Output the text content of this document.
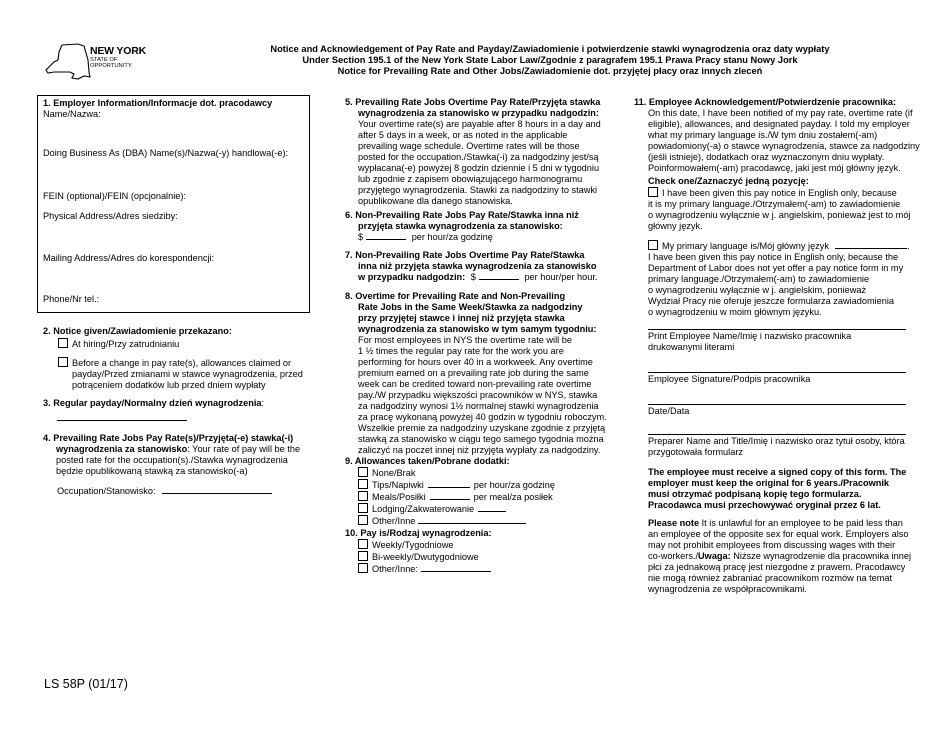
NEW YORK
STATE OF
OPPORTUNITY.
Notice and Acknowledgement of Pay Rate and Payday/Zawiadomienie i potwierdzenie stawki wynagrodzenia oraz daty wypłaty
Under Section 195.1 of the New York State Labor Law/Zgodnie z paragrafem 195.1 Prawa Pracy stanu Nowy Jork
Notice for Prevailing Rate and Other Jobs/Zawiadomienie dot. przyjętej płacy oraz innych zleceń
1. Employer Information/Informacje dot. pracodawcy
Name/Nazwa:
Doing Business As (DBA) Name(s)/Nazwa(-y) handlowa(-e):
FEIN (optional)/FEIN (opcjonalnie):
Physical Address/Adres siedziby:
Mailing Address/Adres do korespondencji:
Phone/Nr tel.:
2. Notice given/Zawiadomienie przekazano:
At hiring/Przy zatrudnianiu
Before a change in pay rate(s), allowances claimed or
payday/Przed zmianami w stawce wynagrodzenia, przed
potrąceniem dodatków lub przed dniem wypłaty
3. Regular payday/Normalny dzień wynagrodzenia:
4. Prevailing Rate Jobs Pay Rate(s)/Przyjęta(-e) stawka(-i)
wynagrodzenia za stanowisko: Your rate of pay will be the
posted rate for the occupation(s)./Stawka wynagrodzenia
będzie opublikowaną stawką za stanowisko(-a)
Occupation/Stanowisko:
5. Prevailing Rate Jobs Overtime Pay Rate/Przyjęta stawka
wynagrodzenia za stanowisko w przypadku nadgodzin:
Your overtime rate(s) are payable after 8 hours in a day and
after 5 days in a week, or as noted in the applicable
prevailing wage schedule. Overtime rates will be those
posted for the occupation./Stawka(-i) za nadgodziny jest/są
wypłacana(-e) powyżej 8 godzin dziennie i 5 dni w tygodniu
lub zgodnie z zapisem obowiązującego harmonogramu
przyjętego wynagrodzenia. Stawki za nadgodziny to stawki
opublikowane dla danego stanowiska.
6. Non-Prevailing Rate Jobs Pay Rate/Stawka inna niż
przyjęta stawka wynagrodzenia za stanowisko:
$	per hour/za godzinę
7. Non-Prevailing Rate Jobs Overtime Pay Rate/Stawka
inna niż przyjęta stawka wynagrodzenia za stanowisko
w przypadku nadgodzin: $	per hour/per hour.
8. Overtime for Prevailing Rate and Non-Prevailing
Rate Jobs in the Same Week/Stawka za nadgodziny
przy przyjętej stawce i innej niż przyjęta stawka
wynagrodzenia za stanowisko w tym samym tygodniu:
For most employees in NYS the overtime rate will be
1 ½ times the regular pay rate for the work you are
performing for hours over 40 in a workweek. Any overtime
premium earned on a prevailing rate job during the same
week can be credited toward non-prevailing rate overtime
pay./W przypadku większości pracowników w NYS, stawka
za nadgodziny wynosi 1½ normalnej stawki wynagrodzenia
za pracę wykonaną powyżej 40 godzin w tygodniu roboczym.
Wszelkie premie za nadgodziny uzyskane zgodnie z przyjętą
stawką za stanowisko w ciągu tego samego tygodnia można
zaliczyć na poczet innej niż przyjęta wypłaty za nadgodziny.
9. Allowances taken/Pobrane dodatki:
None/Brak
Tips/Napiwki	per hour/za godzinę
Meals/Posiłki	per meal/za posiłek
Lodging/Zakwaterowanie
Other/Inne
10. Pay is/Rodzaj wynagrodzenia:
Weekly/Tygodniowe
Bi-weekly/Dwutygodniowe
Other/Inne:
11. Employee Acknowledgement/Potwierdzenie pracownika:
On this date, I have been notified of my pay rate, overtime rate (if
eligible), allowances, and designated payday. I told my employer
what my primary language is./W tym dniu zostałem(-am)
powiadomiony(-a) o stawce wynagrodzenia, stawce za nadgodziny
(jeśli istnieje), dodatkach oraz wyznaczonym dniu wypłaty.
Poinformowałem(-am) pracodawcę, jaki jest mój główny język.
Check one/Zaznaczyć jedną pozycję:
I have been given this pay notice in English only, because
it is my primary language./Otrzymałem(-am) to zawiadomienie
o wynagrodzeniu wyłącznie w j. angielskim, ponieważ jest to mój
główny język.
My primary language is/Mój główny język	.
I have been given this pay notice in English only, because the
Department of Labor does not yet offer a pay notice form in my
primary language./Otrzymałem(-am) to zawiadomienie
o wynagrodzeniu wyłącznie w j. angielskim, ponieważ
Wydział Pracy nie oferuje jeszcze formularza zawiadomienia
o wynagrodzeniu w moim głównym języku.
Print Employee Name/Imię i nazwisko pracownika
drukowanymi literami
Employee Signature/Podpis pracownika
Date/Data
Preparer Name and Title/Imię i nazwisko oraz tytuł osoby, która
przygotowała formularz
The employee must receive a signed copy of this form. The
employer must keep the original for 6 years./Pracownik
musi otrzymać podpisaną kopię tego formularza.
Pracodawca musi przechowywać oryginał przez 6 lat.
Please note It is unlawful for an employee to be paid less than
an employee of the opposite sex for equal work. Employers also
may not prohibit employees from discussing wages with their
co-workers./Uwaga: Niższe wynagrodzenie dla pracownika innej
płci za jednakową pracę jest niezgodne z prawem. Pracodawcy
nie mogą również zabraniać pracownikom rozmów na temat
wynagrodzenia ze współpracownikami.
LS 58P (01/17)
